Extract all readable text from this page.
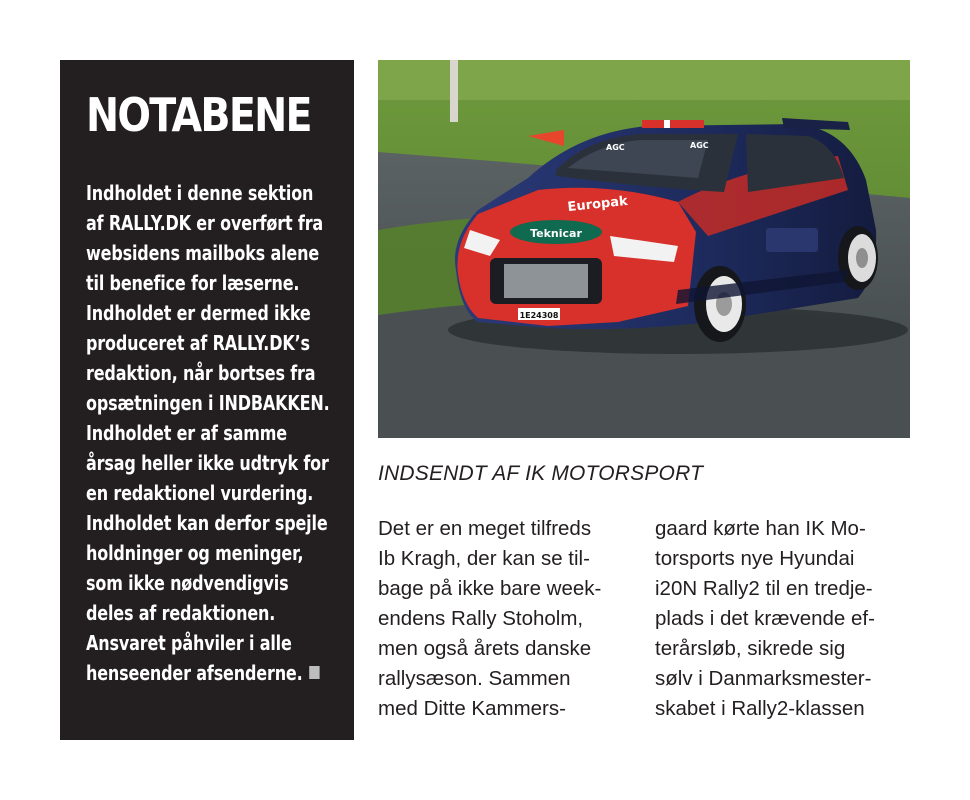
NOTABENE
Indholdet i denne sektion
af RALLY.DK er overført fra
websidens mailboks alene
til benefice for læserne.
Indholdet er dermed ikke
produceret af RALLY.DK’s
redaktion, når bortses fra
opsætningen i INDBAKKEN.
Indholdet er af samme
årsag heller ikke udtryk for
en redaktionel vurdering.
Indholdet kan derfor spejle
holdninger og meninger,
som ikke nødvendigvis
deles af redaktionen.
Ansvaret påhviler i alle
henseender afsenderne.
Teknicar
Europak
1E24308
AGC	AGC
INDSENDT AF IK MOTORSPORT
Det er en meget tilfreds
Ib Kragh, der kan se til-
bage på ikke bare week-
endens Rally Stoholm,
men også årets danske
rallysæson. Sammen
med Ditte Kammers-
gaard kørte han IK Mo-
torsports nye Hyundai
i20N Rally2 til en tredje-
plads i det krævende ef-
terårsløb, sikrede sig
sølv i Danmarksmester-
skabet i Rally2-klassen
